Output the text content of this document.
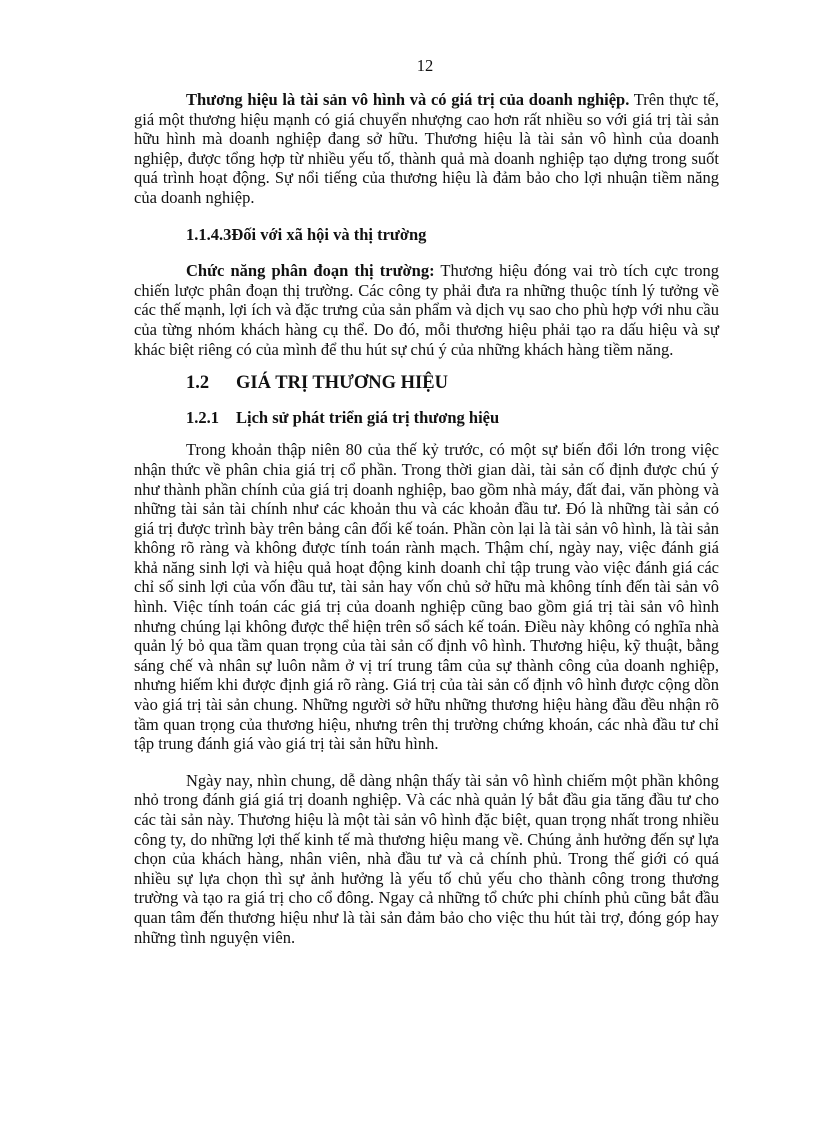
12

Thương hiệu là tài sản vô hình và có giá trị của doanh nghiệp. Trên thực tế, giá một thương hiệu mạnh có giá chuyển nhượng cao hơn rất nhiều so với giá trị tài sản hữu hình mà doanh nghiệp đang sở hữu. Thương hiệu là tài sản vô hình của doanh nghiệp, được tổng hợp từ nhiều yếu tố, thành quả mà doanh nghiệp tạo dựng trong suốt quá trình hoạt động. Sự nổi tiếng của thương hiệu là đảm bảo cho lợi nhuận tiềm năng của doanh nghiệp.

1.1.4.3Đối với xã hội và thị trường

Chức năng phân đoạn thị trường: Thương hiệu đóng vai trò tích cực trong chiến lược phân đoạn thị trường. Các công ty phải đưa ra những thuộc tính lý tưởng về các thế mạnh, lợi ích và đặc trưng của sản phẩm và dịch vụ sao cho phù hợp với nhu cầu của từng nhóm khách hàng cụ thể. Do đó, mỗi thương hiệu phải tạo ra dấu hiệu và sự khác biệt riêng có của mình để thu hút sự chú ý của những khách hàng tiềm năng.

1.2 GIÁ TRỊ THƯƠNG HIỆU
1.2.1 Lịch sử phát triển giá trị thương hiệu

Trong khoản thập niên 80 của thế kỷ trước, có một sự biến đổi lớn trong việc nhận thức về phân chia giá trị cổ phần. Trong thời gian dài, tài sản cố định được chú ý như thành phần chính của giá trị doanh nghiệp, bao gồm nhà máy, đất đai, văn phòng và những tài sản tài chính như các khoản thu và các khoản đầu tư. Đó là những tài sản có giá trị được trình bày trên bảng cân đối kế toán. Phần còn lại là tài sản vô hình, là tài sản không rõ ràng và không được tính toán rành mạch. Thậm chí, ngày nay, việc đánh giá khả năng sinh lợi và hiệu quả hoạt động kinh doanh chỉ tập trung vào việc đánh giá các chỉ số sinh lợi của vốn đầu tư, tài sản hay vốn chủ sở hữu mà không tính đến tài sản vô hình. Việc tính toán các giá trị của doanh nghiệp cũng bao gồm giá trị tài sản vô hình nhưng chúng lại không được thể hiện trên sổ sách kế toán. Điều này không có nghĩa nhà quản lý bỏ qua tầm quan trọng của tài sản cố định vô hình. Thương hiệu, kỹ thuật, bằng sáng chế và nhân sự luôn nằm ở vị trí trung tâm của sự thành công của doanh nghiệp, nhưng hiếm khi được định giá rõ ràng. Giá trị của tài sản cố định vô hình được cộng dồn vào giá trị tài sản chung. Những người sở hữu những thương hiệu hàng đầu đều nhận rõ tầm quan trọng của thương hiệu, nhưng trên thị trường chứng khoán, các nhà đầu tư chỉ tập trung đánh giá vào giá trị tài sản hữu hình.

Ngày nay, nhìn chung, dễ dàng nhận thấy tài sản vô hình chiếm một phần không nhỏ trong đánh giá giá trị doanh nghiệp. Và các nhà quản lý bắt đầu gia tăng đầu tư cho các tài sản này. Thương hiệu là một tài sản vô hình đặc biệt, quan trọng nhất trong nhiều công ty, do những lợi thế kinh tế mà thương hiệu mang về. Chúng ảnh hưởng đến sự lựa chọn của khách hàng, nhân viên, nhà đầu tư và cả chính phủ. Trong thế giới có quá nhiều sự lựa chọn thì sự ảnh hưởng là yếu tố chủ yếu cho thành công trong thương trường và tạo ra giá trị cho cổ đông. Ngay cả những tổ chức phi chính phủ cũng bắt đầu quan tâm đến thương hiệu như là tài sản đảm bảo cho việc thu hút tài trợ, đóng góp hay những tình nguyện viên.
